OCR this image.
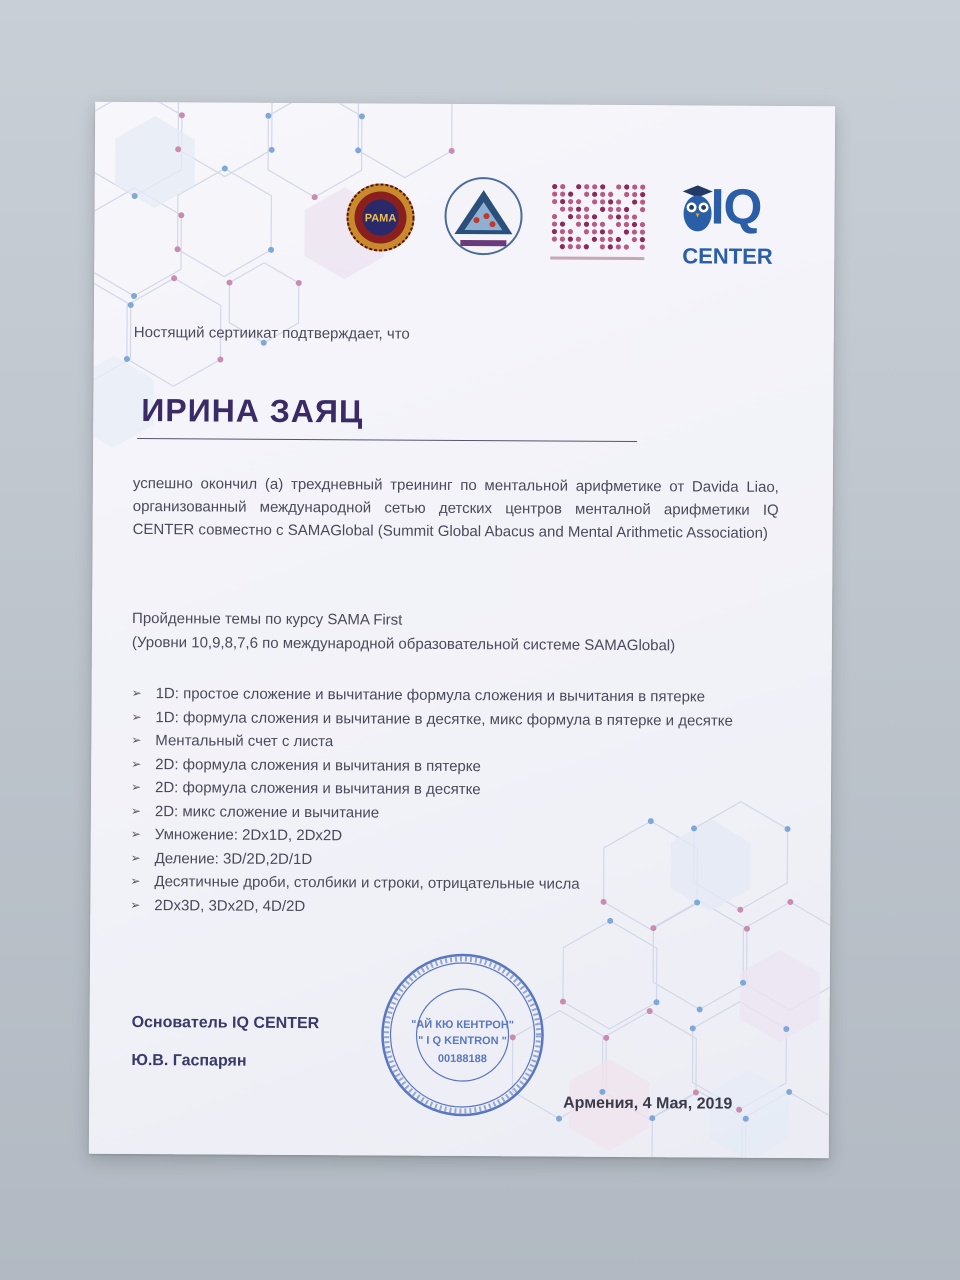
PAMA	IQ
CENTER
Ностящий сертиикат подтверждает, что
ИРИНА ЗАЯЦ
успешно окончил (а) трехдневный треининг по ментальной арифметике от Davida Liao, организованный международной сетью детских центров менталной арифметики IQ CENTER совместно с SAMAGlobal (Summit Global Abacus and Mental Arithmetic Association)
Пройденные темы по курсу SAMA First
(Уровни 10,9,8,7,6 по международной образовательной системе SAMAGlobal)
➢ 1D: простое сложение и вычитание формула сложения и вычитания в пятерке
➢ 1D: формула сложения и вычитание в десятке, микс формула в пятерке и десятке
➢ Ментальный счет с листа
➢ 2D: формула сложения и вычитания в пятерке
➢ 2D: формула сложения и вычитания в десятке
➢ 2D: микс сложение и вычитание
➢ Умножение: 2Dx1D, 2Dx2D
➢ Деление: 3D/2D,2D/1D
➢ Десятичные дроби, столбики и строки, отрицательные числа
➢ 2Dx3D, 3Dx2D, 4D/2D
Основатель IQ CENTER
Ю.В. Гаспарян
"АЙ КЮ КЕНТРОН"
" I Q KENTRON "
00188188
Армения, 4 Мая, 2019
